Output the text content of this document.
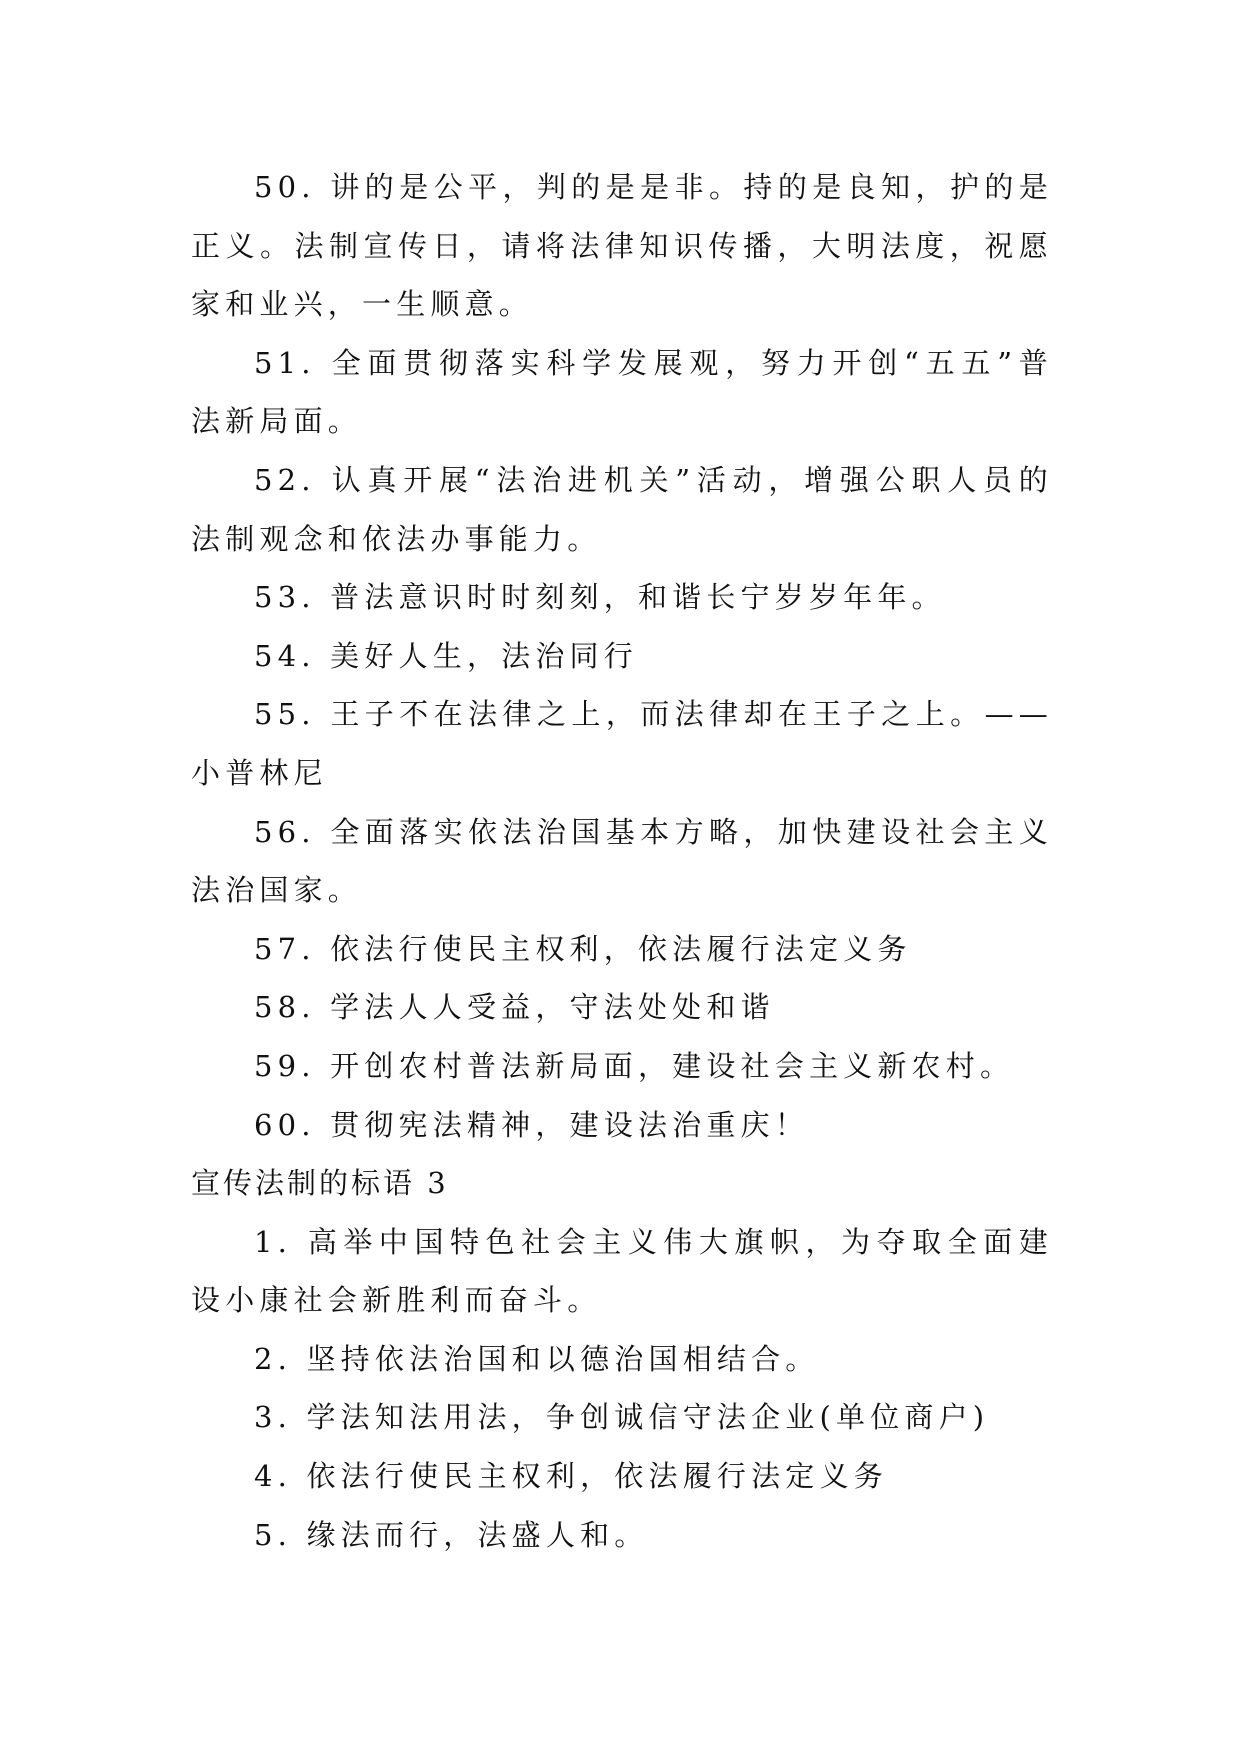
50. 讲的是公平，判的是是非。持的是良知，护的是正义。法制宣传日，请将法律知识传播，大明法度，祝愿家和业兴，一生顺意。

51. 全面贯彻落实科学发展观，努力开创“五五”普法新局面。

52. 认真开展“法治进机关”活动，增强公职人员的法制观念和依法办事能力。

53. 普法意识时时刻刻，和谐长宁岁岁年年。

54. 美好人生，法治同行

55. 王子不在法律之上，而法律却在王子之上。——小普林尼

56. 全面落实依法治国基本方略，加快建设社会主义法治国家。

57. 依法行使民主权利，依法履行法定义务

58. 学法人人受益，守法处处和谐

59. 开创农村普法新局面，建设社会主义新农村。

60. 贯彻宪法精神，建设法治重庆！

宣传法制的标语 3

1. 高举中国特色社会主义伟大旗帜，为夺取全面建设小康社会新胜利而奋斗。

2. 坚持依法治国和以德治国相结合。

3. 学法知法用法，争创诚信守法企业(单位商户)

4. 依法行使民主权利，依法履行法定义务

5. 缘法而行，法盛人和。
